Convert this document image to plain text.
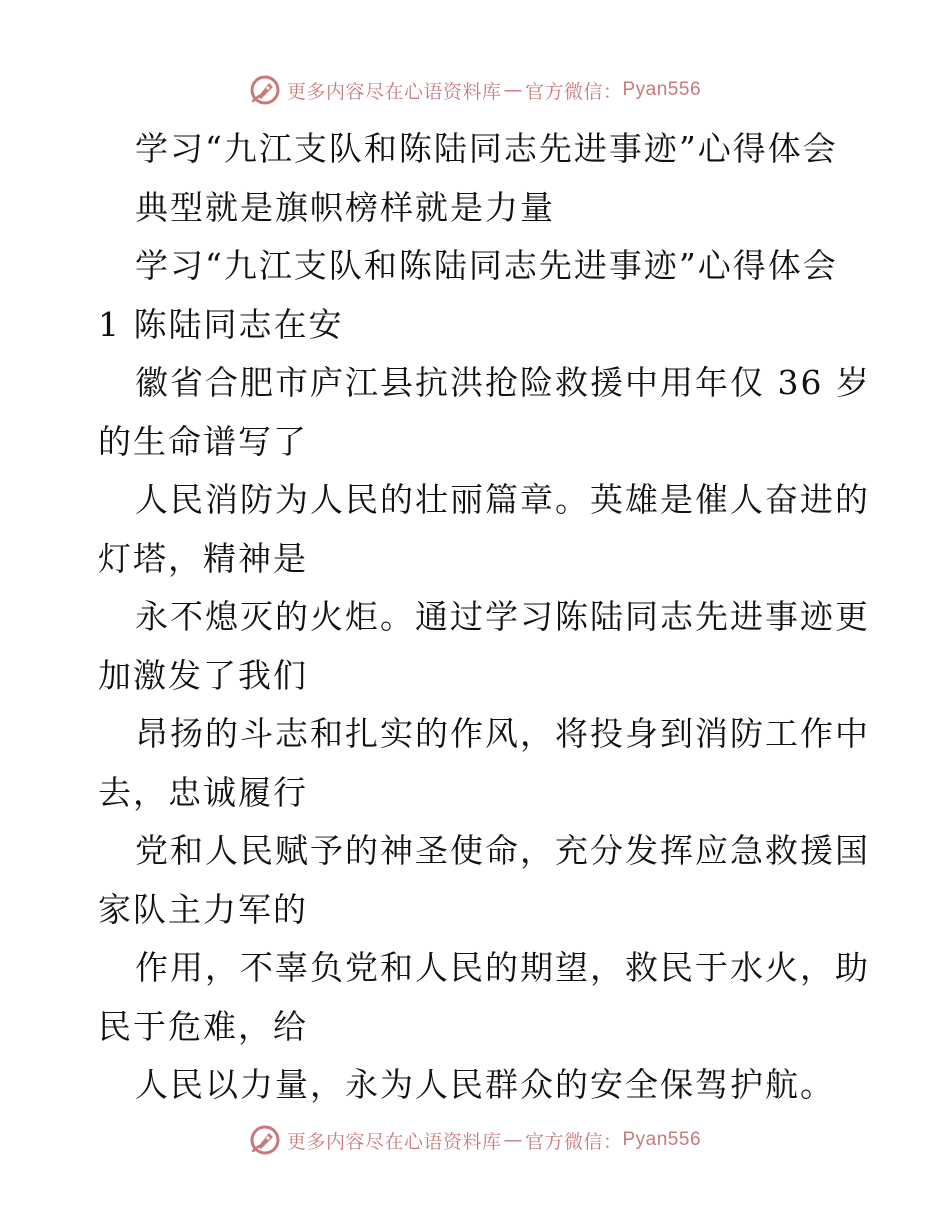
更多内容尽在心语资料库 — 官方微信： Pyan556
学习“九江支队和陈陆同志先进事迹”心得体会
典型就是旗帜榜样就是力量
学习“九江支队和陈陆同志先进事迹”心得体会
1 陈陆同志在安
徽省合肥市庐江县抗洪抢险救援中用年仅 36 岁
的生命谱写了
人民消防为人民的壮丽篇章。英雄是催人奋进的
灯塔，精神是
永不熄灭的火炬。通过学习陈陆同志先进事迹更
加激发了我们
昂扬的斗志和扎实的作风，将投身到消防工作中
去，忠诚履行
党和人民赋予的神圣使命，充分发挥应急救援国
家队主力军的
作用，不辜负党和人民的期望，救民于水火，助
民于危难，给
人民以力量，永为人民群众的安全保驾护航。
更多内容尽在心语资料库 — 官方微信： Pyan556
